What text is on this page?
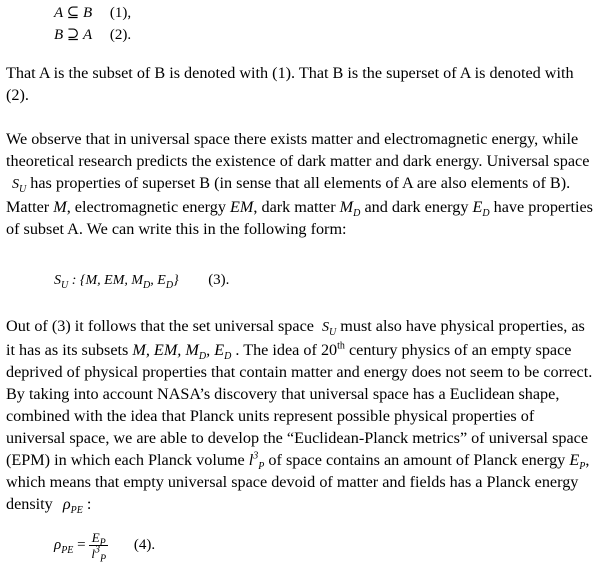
A ⊆ B (1),
B ⊇ A (2).

That A is the subset of B is denoted with (1). That B is the superset of A is denoted with (2).

We observe that in universal space there exists matter and electromagnetic energy, while theoretical research predicts the existence of dark matter and dark energy. Universal space $S_U$ has properties of superset B (in sense that all elements of A are also elements of B). Matter M, electromagnetic energy EM, dark matter $M_D$ and dark energy $E_D$ have properties of subset A. We can write this in the following form:

$S_U$ : {M, EM, $M_D$, $E_D$} (3).

Out of (3) it follows that the set universal space $S_U$ must also have physical properties, as it has as its subsets M, EM, $M_D$, $E_D$ . The idea of 20th century physics of an empty space deprived of physical properties that contain matter and energy does not seem to be correct. By taking into account NASA’s discovery that universal space has a Euclidean shape, combined with the idea that Planck units represent possible physical properties of universal space, we are able to develop the “Euclidean-Planck metrics” of universal space (EPM) in which each Planck volume $l^3_P$ of space contains an amount of Planck energy $E_P$, which means that empty universal space devoid of matter and fields has a Planck energy density $\rho_{PE}$ :

$\rho_{PE} = \frac{E_P}{l^3_P} (4)$.
